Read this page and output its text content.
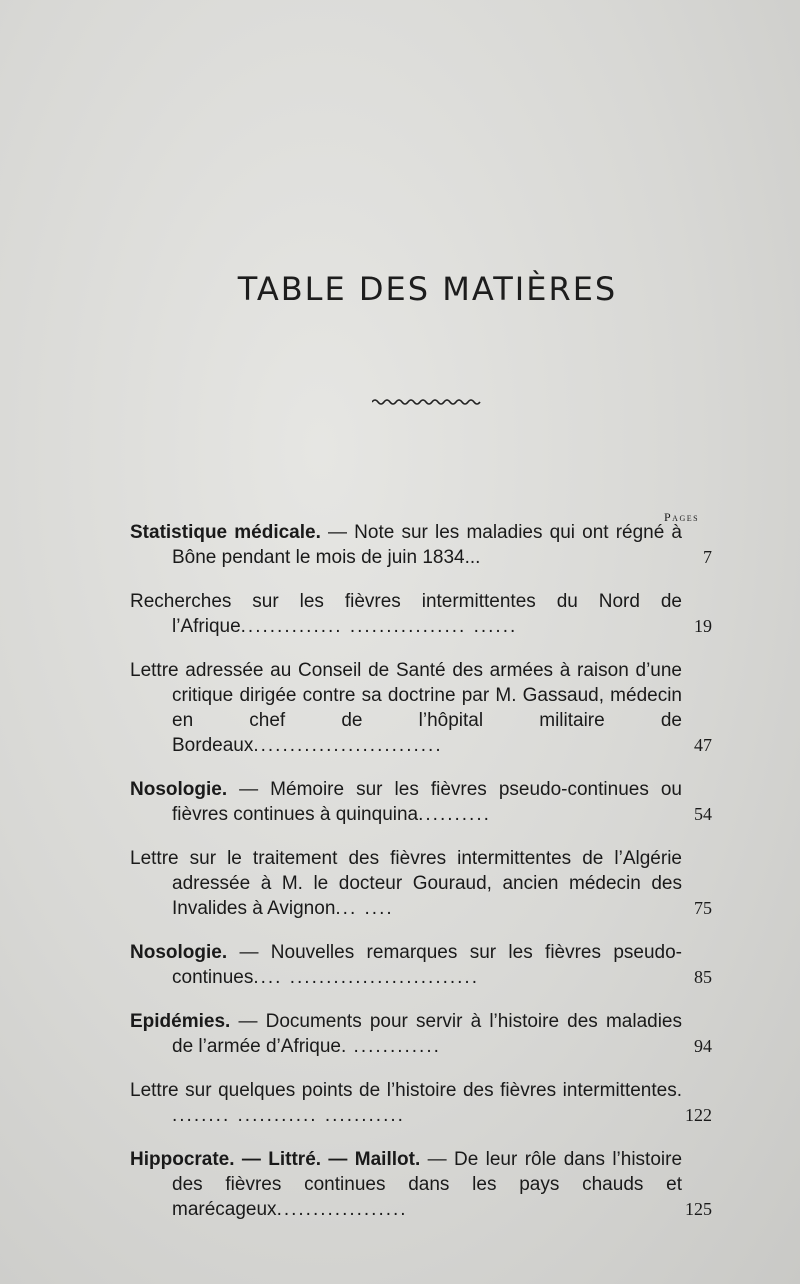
TABLE DES MATIÈRES
Pages
Statistique médicale. — Note sur les maladies qui ont régné à Bône pendant le mois de juin 1834...	7
Recherches sur les fièvres intermittentes du Nord de l’Afrique.............. ................ ......	19
Lettre adressée au Conseil de Santé des armées à raison d’une critique dirigée contre sa doctrine par M. Gassaud, médecin en chef de l’hôpital militaire de Bordeaux..........................	47
Nosologie. — Mémoire sur les fièvres pseudo-continues ou fièvres continues à quinquina..........	54
Lettre sur le traitement des fièvres intermittentes de l’Algérie adressée à M. le docteur Gouraud, ancien médecin des Invalides à Avignon... ....	75
Nosologie. — Nouvelles remarques sur les fièvres pseudo-continues.... ..........................	85
Epidémies. — Documents pour servir à l’histoire des maladies de l’armée d’Afrique. ............	94
Lettre sur quelques points de l’histoire des fièvres intermittentes. ........ ........... ...........	122
Hippocrate. — Littré. — Maillot. — De leur rôle dans l’histoire des fièvres continues dans les pays chauds et marécageux..................	125
